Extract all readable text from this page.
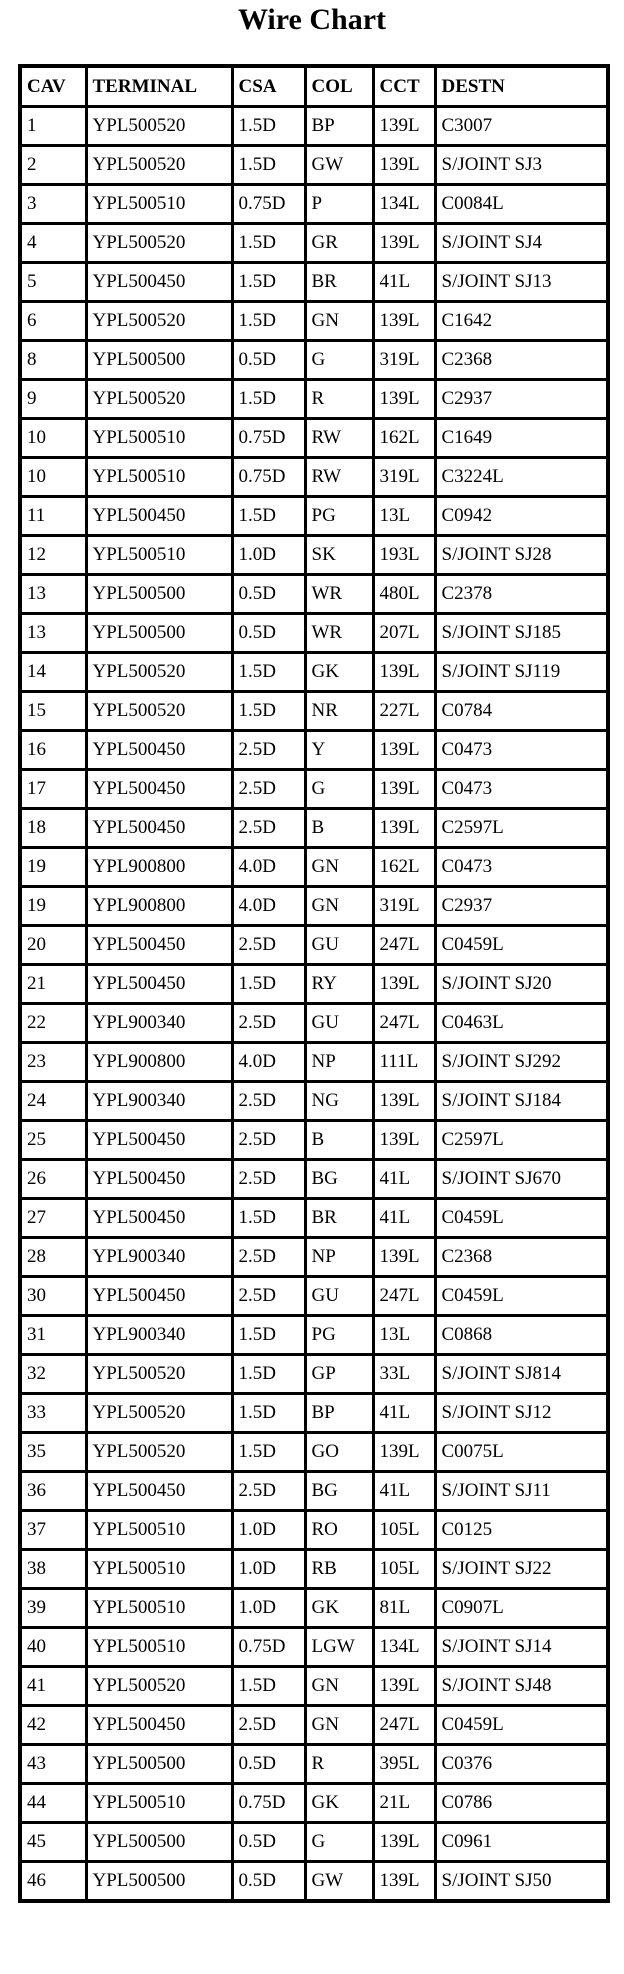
Wire Chart
CAV	TERMINAL	CSA	COL	CCT	DESTN
1	YPL500520	1.5D	BP	139L	C3007
2	YPL500520	1.5D	GW	139L	S/JOINT SJ3
3	YPL500510	0.75D	P	134L	C0084L
4	YPL500520	1.5D	GR	139L	S/JOINT SJ4
5	YPL500450	1.5D	BR	41L	S/JOINT SJ13
6	YPL500520	1.5D	GN	139L	C1642
8	YPL500500	0.5D	G	319L	C2368
9	YPL500520	1.5D	R	139L	C2937
10	YPL500510	0.75D	RW	162L	C1649
10	YPL500510	0.75D	RW	319L	C3224L
11	YPL500450	1.5D	PG	13L	C0942
12	YPL500510	1.0D	SK	193L	S/JOINT SJ28
13	YPL500500	0.5D	WR	480L	C2378
13	YPL500500	0.5D	WR	207L	S/JOINT SJ185
14	YPL500520	1.5D	GK	139L	S/JOINT SJ119
15	YPL500520	1.5D	NR	227L	C0784
16	YPL500450	2.5D	Y	139L	C0473
17	YPL500450	2.5D	G	139L	C0473
18	YPL500450	2.5D	B	139L	C2597L
19	YPL900800	4.0D	GN	162L	C0473
19	YPL900800	4.0D	GN	319L	C2937
20	YPL500450	2.5D	GU	247L	C0459L
21	YPL500450	1.5D	RY	139L	S/JOINT SJ20
22	YPL900340	2.5D	GU	247L	C0463L
23	YPL900800	4.0D	NP	111L	S/JOINT SJ292
24	YPL900340	2.5D	NG	139L	S/JOINT SJ184
25	YPL500450	2.5D	B	139L	C2597L
26	YPL500450	2.5D	BG	41L	S/JOINT SJ670
27	YPL500450	1.5D	BR	41L	C0459L
28	YPL900340	2.5D	NP	139L	C2368
30	YPL500450	2.5D	GU	247L	C0459L
31	YPL900340	1.5D	PG	13L	C0868
32	YPL500520	1.5D	GP	33L	S/JOINT SJ814
33	YPL500520	1.5D	BP	41L	S/JOINT SJ12
35	YPL500520	1.5D	GO	139L	C0075L
36	YPL500450	2.5D	BG	41L	S/JOINT SJ11
37	YPL500510	1.0D	RO	105L	C0125
38	YPL500510	1.0D	RB	105L	S/JOINT SJ22
39	YPL500510	1.0D	GK	81L	C0907L
40	YPL500510	0.75D	LGW	134L	S/JOINT SJ14
41	YPL500520	1.5D	GN	139L	S/JOINT SJ48
42	YPL500450	2.5D	GN	247L	C0459L
43	YPL500500	0.5D	R	395L	C0376
44	YPL500510	0.75D	GK	21L	C0786
45	YPL500500	0.5D	G	139L	C0961
46	YPL500500	0.5D	GW	139L	S/JOINT SJ50
